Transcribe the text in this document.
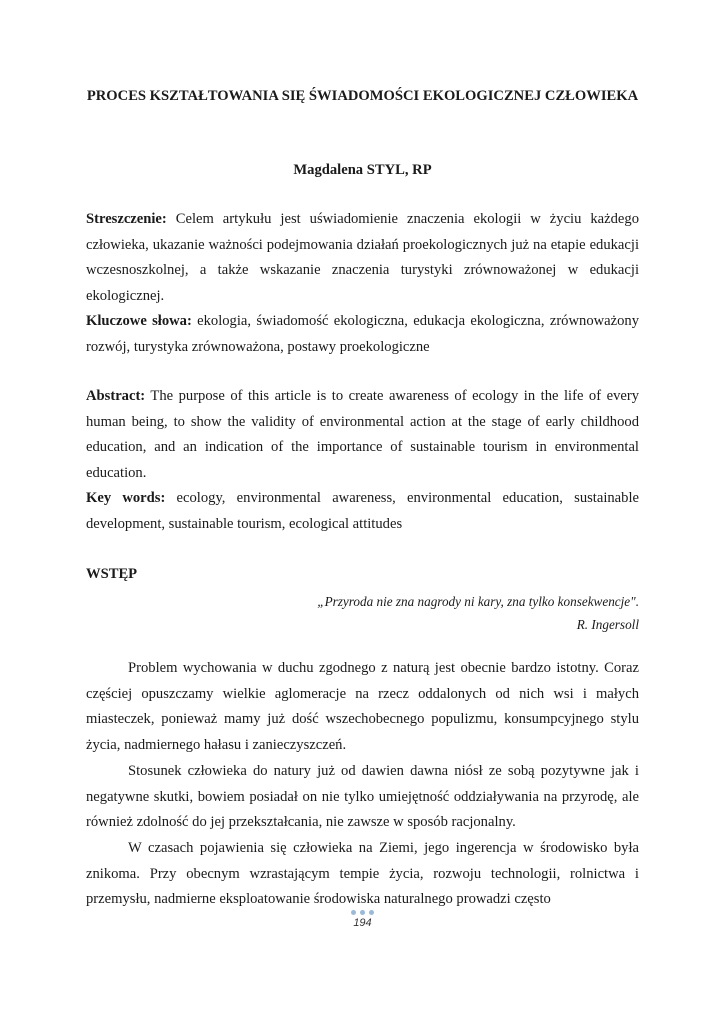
PROCES KSZTAŁTOWANIA SIĘ ŚWIADOMOŚCI EKOLOGICZNEJ CZŁOWIEKA
Magdalena STYL, RP

Streszczenie: Celem artykułu jest uświadomienie znaczenia ekologii w życiu każdego człowieka, ukazanie ważności podejmowania działań proekologicznych już na etapie edukacji wczesnoszkolnej, a także wskazanie znaczenia turystyki zrównoważonej w edukacji ekologicznej.

Kluczowe słowa: ekologia, świadomość ekologiczna, edukacja ekologiczna, zrównoważony rozwój, turystyka zrównoważona, postawy proekologiczne

Abstract: The purpose of this article is to create awareness of ecology in the life of every human being, to show the validity of environmental action at the stage of early childhood education, and an indication of the importance of sustainable tourism in environmental education.

Key words: ecology, environmental awareness, environmental education, sustainable development, sustainable tourism, ecological attitudes

WSTĘP
„Przyroda nie zna nagrody ni kary, zna tylko konsekwencje".
R. Ingersoll

Problem wychowania w duchu zgodnego z naturą jest obecnie bardzo istotny. Coraz częściej opuszczamy wielkie aglomeracje na rzecz oddalonych od nich wsi i małych miasteczek, ponieważ mamy już dość wszechobecnego populizmu, konsumpcyjnego stylu życia, nadmiernego hałasu i zanieczyszczeń.

Stosunek człowieka do natury już od dawien dawna niósł ze sobą pozytywne jak i negatywne skutki, bowiem posiadał on nie tylko umiejętność oddziaływania na przyrodę, ale również zdolność do jej przekształcania, nie zawsze w sposób racjonalny.

W czasach pojawienia się człowieka na Ziemi, jego ingerencja w środowisko była znikoma. Przy obecnym wzrastającym tempie życia, rozwoju technologii, rolnictwa i przemysłu, nadmierne eksploatowanie środowiska naturalnego prowadzi często

194
